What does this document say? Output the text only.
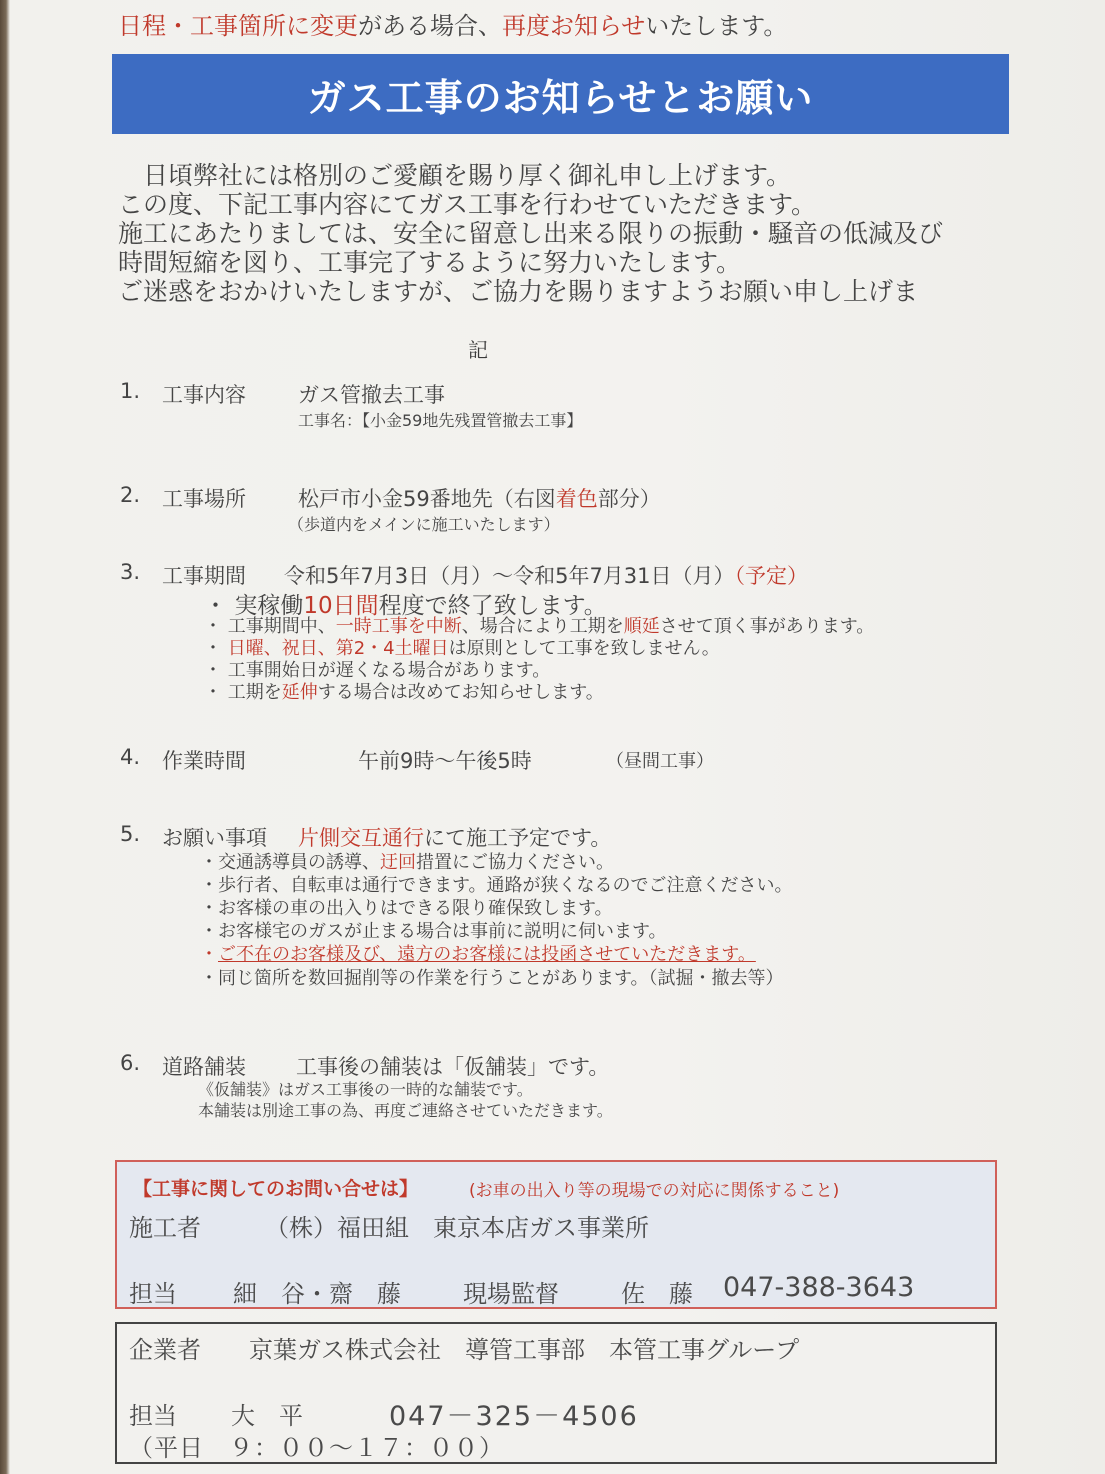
日程・工事箇所に変更がある場合、再度お知らせいたします。
ガス工事のお知らせとお願い
　日頃弊社には格別のご愛顧を賜り厚く御礼申し上げます。
この度、下記工事内容にてガス工事を行わせていただきます。
施工にあたりましては、安全に留意し出来る限りの振動・騒音の低減及び
時間短縮を図り、工事完了するように努力いたします。
ご迷惑をおかけいたしますが、ご協力を賜りますようお願い申し上げま
記
1. 工事内容 ガス管撤去工事
工事名：【小金59地先残置管撤去工事】
2. 工事場所 松戸市小金59番地先（右図着色部分）
（歩道内をメインに施工いたします）
3. 工事期間 令和5年7月3日（月）～令和5年7月31日（月）（予定）
・ 実稼働10日間程度で終了致します。
・ 工事期間中、一時工事を中断、場合により工期を順延させて頂く事があります。
・ 日曜、祝日、第2・4土曜日は原則として工事を致しません。
・ 工事開始日が遅くなる場合があります。
・ 工期を延伸する場合は改めてお知らせします。
4. 作業時間	午前9時～午後5時	（昼間工事）
5. お願い事項 片側交互通行にて施工予定です。
・交通誘導員の誘導、迂回措置にご協力ください。
・歩行者、自転車は通行できます。通路が狭くなるのでご注意ください。
・お客様の車の出入りはできる限り確保致します。
・お客様宅のガスが止まる場合は事前に説明に伺います。
・ご不在のお客様及び、遠方のお客様には投函させていただきます。
・同じ箇所を数回掘削等の作業を行うことがあります。（試掘・撤去等）
6. 道路舗装 工事後の舗装は「仮舗装」です。
《仮舗装》はガス工事後の一時的な舗装です。
本舗装は別途工事の為、再度ご連絡させていただきます。
【工事に関してのお問い合せは】	(お車の出入り等の現場での対応に関係すること)
施工者	（株）福田組　東京本店ガス事業所
担当 細　谷・齋　藤	現場監督	佐　藤 047-388-3643
企業者 京葉ガス株式会社　導管工事部　本管工事グループ
担当 大　平	047－325－4506
（平日　９：００～１７：００）
